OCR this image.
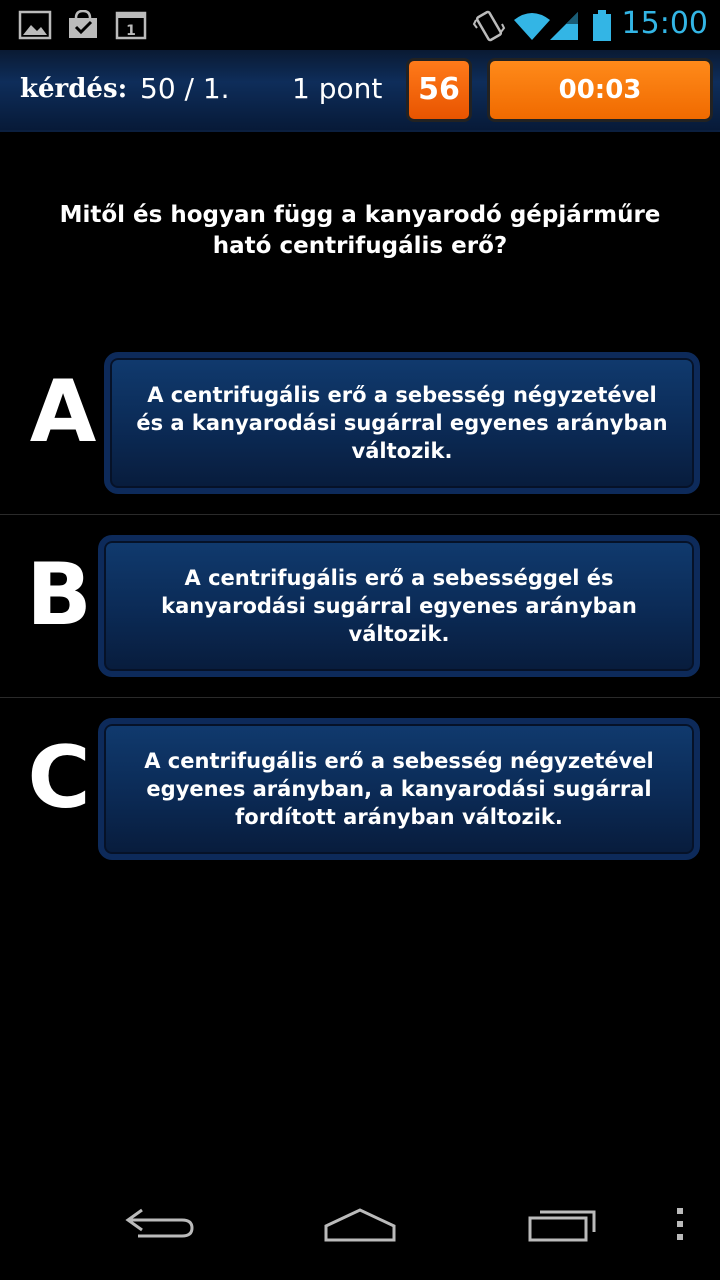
1	15:00
kérdés: 50 / 1. 1 pont	56	00:03
Mitől és hogyan függ a kanyarodó gépjárműre ható centrifugális erő?
A	A centrifugális erő a sebesség négyzetével és a kanyarodási sugárral egyenes arányban változik.
B	A centrifugális erő a sebességgel és kanyarodási sugárral egyenes arányban változik.
C	A centrifugális erő a sebesség négyzetével egyenes arányban, a kanyarodási sugárral fordított arányban változik.
